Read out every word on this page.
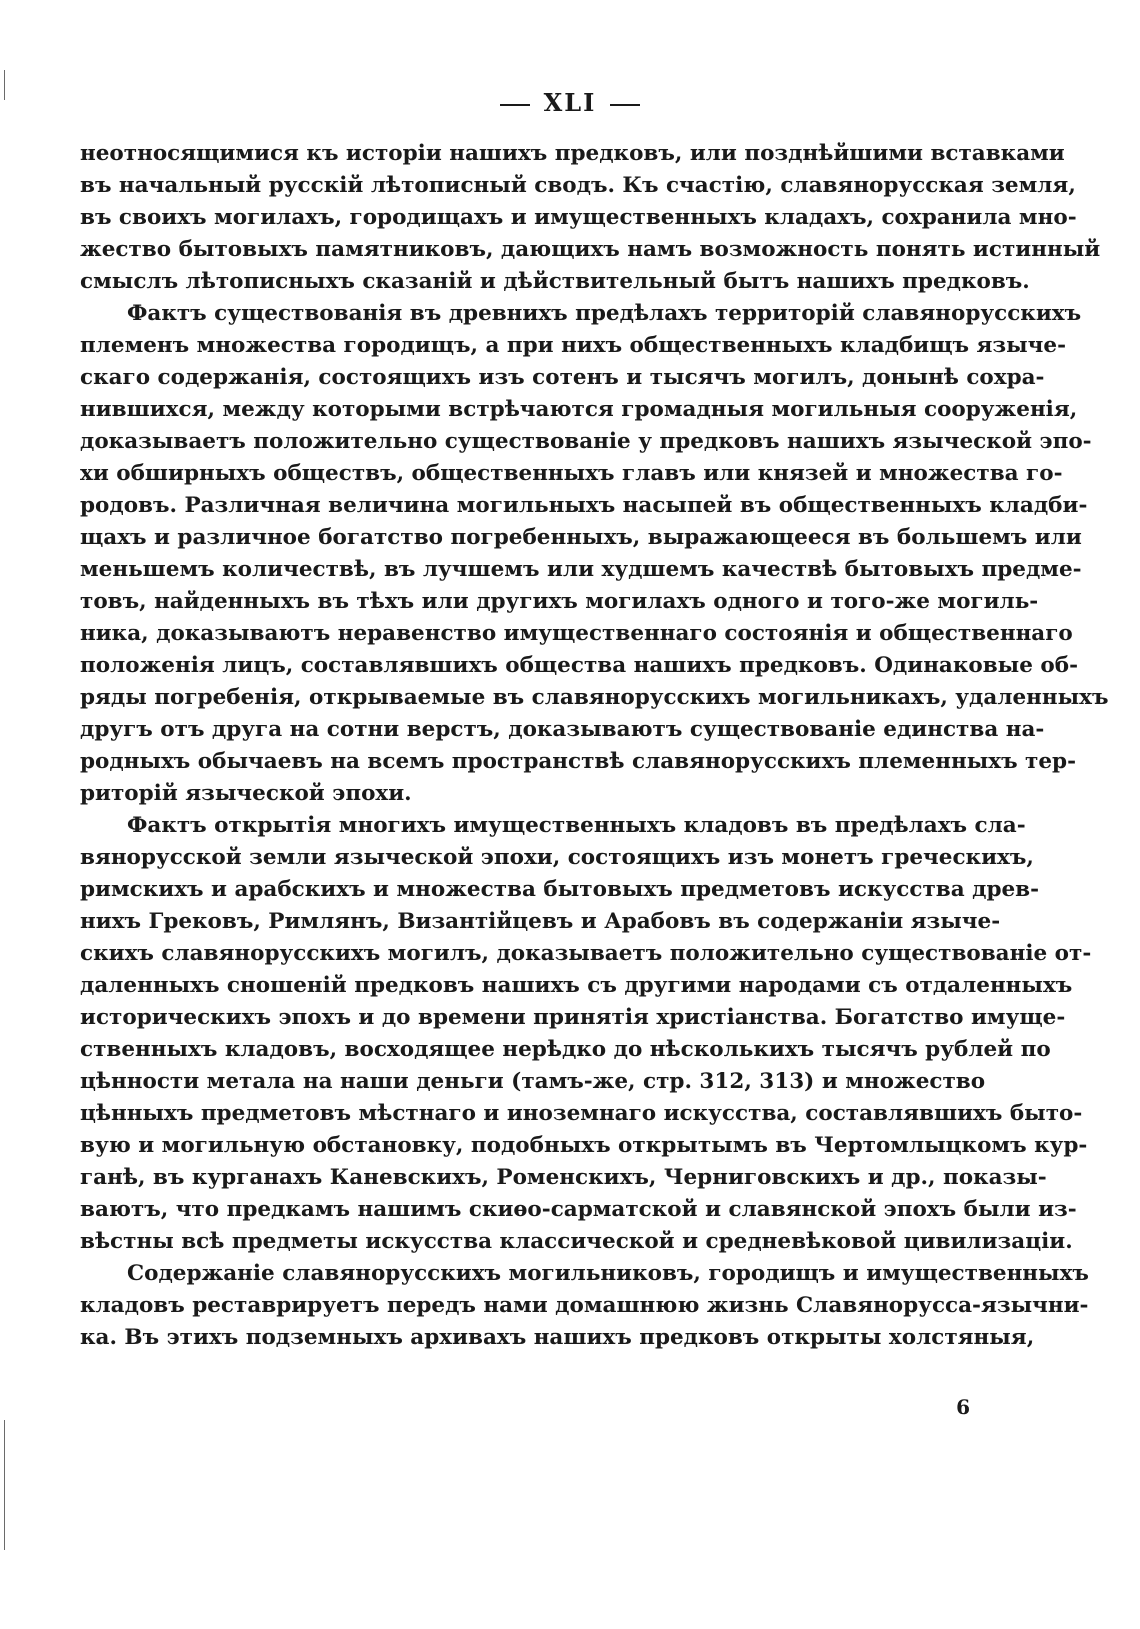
XLI
неотносящимися къ исторіи нашихъ предковъ, или позднѣйшими вставками
въ начальный русскій лѣтописный сводъ. Къ счастію, славянорусская земля,
въ своихъ могилахъ, городищахъ и имущественныхъ кладахъ, сохранила мно-
жество бытовыхъ памятниковъ, дающихъ намъ возможность понять истинный
смыслъ лѣтописныхъ сказаній и дѣйствительный бытъ нашихъ предковъ.
Фактъ существованія въ древнихъ предѣлахъ территорій славянорусскихъ
племенъ множества городищъ, а при нихъ общественныхъ кладбищъ языче-
скаго содержанія, состоящихъ изъ сотенъ и тысячъ могилъ, донынѣ сохра-
нившихся, между которыми встрѣчаются громадныя могильныя сооруженія,
доказываетъ положительно существованіе у предковъ нашихъ языческой эпо-
хи обширныхъ обществъ, общественныхъ главъ или князей и множества го-
родовъ. Различная величина могильныхъ насыпей въ общественныхъ кладби-
щахъ и различное богатство погребенныхъ, выражающееся въ большемъ или
меньшемъ количествѣ, въ лучшемъ или худшемъ качествѣ бытовыхъ предме-
товъ, найденныхъ въ тѣхъ или другихъ могилахъ одного и того-же могиль-
ника, доказываютъ неравенство имущественнаго состоянія и общественнаго
положенія лицъ, составлявшихъ общества нашихъ предковъ. Одинаковые об-
ряды погребенія, открываемые въ славянорусскихъ могильникахъ, удаленныхъ
другъ отъ друга на сотни верстъ, доказываютъ существованіе единства на-
родныхъ обычаевъ на всемъ пространствѣ славянорусскихъ племенныхъ тер-
риторій языческой эпохи.
Фактъ открытія многихъ имущественныхъ кладовъ въ предѣлахъ сла-
вянорусской земли языческой эпохи, состоящихъ изъ монетъ греческихъ,
римскихъ и арабскихъ и множества бытовыхъ предметовъ искусства древ-
нихъ Грековъ, Римлянъ, Византійцевъ и Арабовъ въ содержаніи языче-
скихъ славянорусскихъ могилъ, доказываетъ положительно существованіе от-
даленныхъ сношеній предковъ нашихъ съ другими народами съ отдаленныхъ
историческихъ эпохъ и до времени принятія христіанства. Богатство имуще-
ственныхъ кладовъ, восходящее нерѣдко до нѣсколькихъ тысячъ рублей по
цѣнности метала на наши деньги (тамъ-же, стр. 312, 313) и множество
цѣнныхъ предметовъ мѣстнаго и иноземнаго искусства, составлявшихъ быто-
вую и могильную обстановку, подобныхъ открытымъ въ Чертомлыцкомъ кур-
ганѣ, въ курганахъ Каневскихъ, Роменскихъ, Черниговскихъ и др., показы-
ваютъ, что предкамъ нашимъ скиѳо-сарматской и славянской эпохъ были из-
вѣстны всѣ предметы искусства классической и средневѣковой цивилизаціи.
Содержаніе славянорусскихъ могильниковъ, городищъ и имущественныхъ
кладовъ реставрируетъ передъ нами домашнюю жизнь Славянорусса-язычни-
ка. Въ этихъ подземныхъ архивахъ нашихъ предковъ открыты холстяныя,
6
